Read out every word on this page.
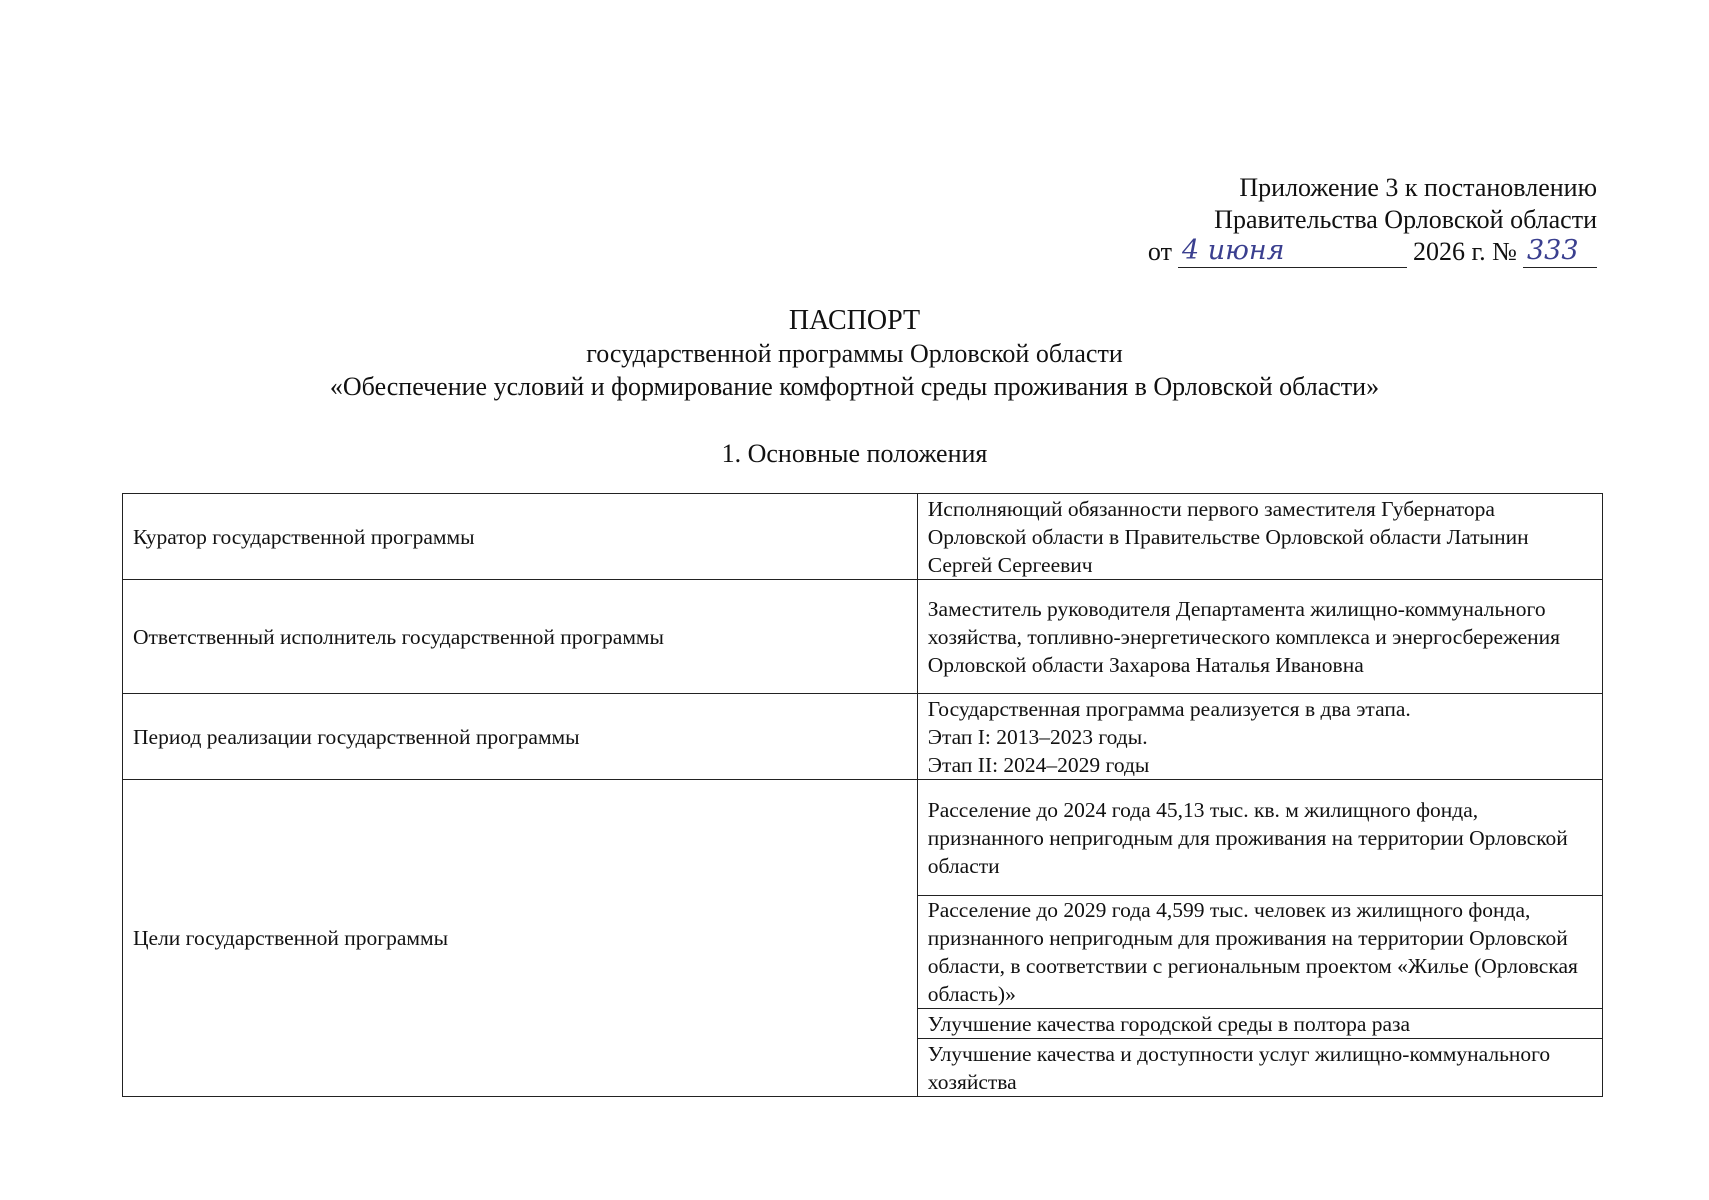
Приложение 3 к постановлению
Правительства Орловской области
от 4 июня	2026 г. № 333
ПАСПОРТ
государственной программы Орловской области
«Обеспечение условий и формирование комфортной среды проживания в Орловской области»
1. Основные положения
Куратор государственной программы	Исполняющий обязанности первого заместителя Губернатора Орловской области в Правительстве Орловской области Латынин Сергей Сергеевич
Ответственный исполнитель государственной программы	Заместитель руководителя Департамента жилищно-коммунального хозяйства, топливно-энергетического комплекса и энергосбережения Орловской области Захарова Наталья Ивановна
Период реализации государственной программы	Государственная программа реализуется в два этапа.
Этап I: 2013–2023 годы.
Этап II: 2024–2029 годы

Цели государственной программы	Расселение до 2024 года 45,13 тыс. кв. м жилищного фонда, признанного непригодным для проживания на территории Орловской области
	Расселение до 2029 года 4,599 тыс. человек из жилищного фонда, признанного непригодным для проживания на территории Орловской области, в соответствии с региональным проектом «Жилье (Орловская область)»
	Улучшение качества городской среды в полтора раза
	Улучшение качества и доступности услуг жилищно-коммунального хозяйства
